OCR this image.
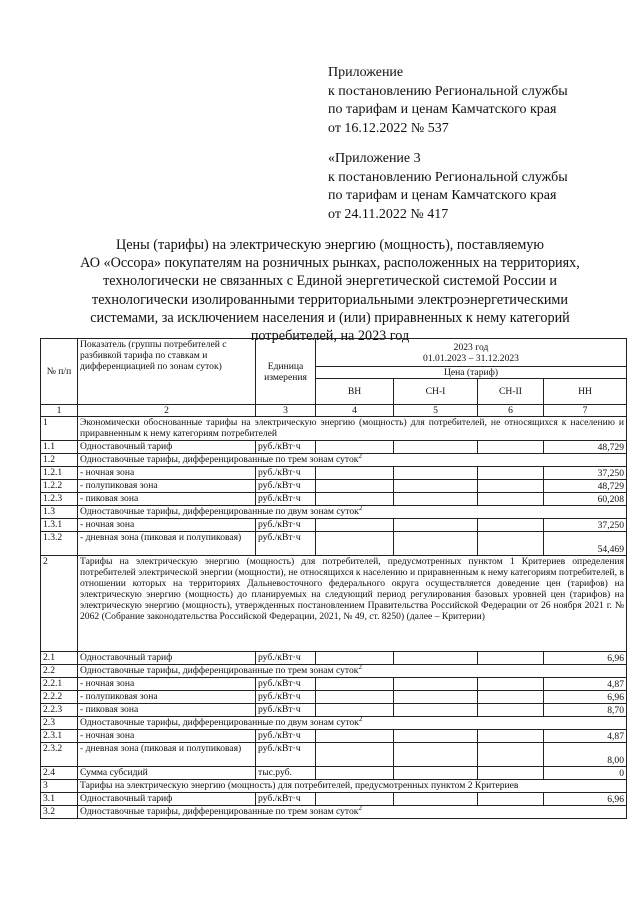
Приложение
к постановлению Региональной службы
по тарифам и ценам Камчатского края
от 16.12.2022 № 537
«Приложение 3
к постановлению Региональной службы
по тарифам и ценам Камчатского края
от 24.11.2022 № 417
Цены (тарифы) на электрическую энергию (мощность), поставляемую
АО «Оссора» покупателям на розничных рынках, расположенных на территориях,
технологически не связанных с Единой энергетической системой России и
технологически изолированными территориальными электроэнергетическими
системами, за исключением населения и (или) приравненных к нему категорий
потребителей, на 2023 год
№ п/п	Показатель (группы потребителей с разбивкой тарифа по ставкам и дифференциацией по зонам суток)	Единица измерения	2023 год
01.01.2023 – 31.12.2023			

			Цена (тариф)			
			ВН	СН-I	СН-II	НН
1	2	3	4	5	6	7
1	Экономически обоснованные тарифы на электрическую энергию (мощность) для потребителей, не относящихся к населению и приравненным к нему категориям потребителей					
1.1	Одноставочный тариф	руб./кВт·ч				48,729
1.2	Одноставочные тарифы, дифференцированные по трем зонам суток$^2$
1.2.1	- ночная зона	руб./кВт·ч				37,250
1.2.2	- полупиковая зона	руб./кВт·ч				48,729
1.2.3	- пиковая зона	руб./кВт·ч				60,208
1.3	Одноставочные тарифы, дифференцированные по двум зонам суток$^2$
1.3.1	- ночная зона	руб./кВт·ч				37,250
1.3.2	- дневная зона (пиковая и полупиковая)	руб./кВт·ч				54,469
2	Тарифы на электрическую энергию (мощность) для потребителей, предусмотренных пунктом 1 Критериев определения потребителей электрической энергии (мощности), не относящихся к населению и приравненным к нему категориям потребителей, в отношении которых на территориях Дальневосточного федерального округа осуществляется доведение цен (тарифов) на электрическую энергию (мощность) до планируемых на следующий период регулирования базовых уровней цен (тарифов) на электрическую энергию (мощность), утвержденных постановлением Правительства Российской Федерации от 26 ноября 2021 г. № 2062 (Собрание законодательства Российской Федерации, 2021, № 49, ст. 8250) (далее – Критерии)					
2.1	Одноставочный тариф	руб./кВт·ч				6,96
2.2	Одноставочные тарифы, дифференцированные по трем зонам суток$^2$
2.2.1	- ночная зона	руб./кВт·ч				4,87
2.2.2	- полупиковая зона	руб./кВт·ч				6,96
2.2.3	- пиковая зона	руб./кВт·ч				8,70
2.3	Одноставочные тарифы, дифференцированные по двум зонам суток$^2$
2.3.1	- ночная зона	руб./кВт·ч				4,87
2.3.2	- дневная зона (пиковая и полупиковая)	руб./кВт·ч				8,00
2.4	Сумма субсидий	тыс.руб.				0
3	Тарифы на электрическую энергию (мощность) для потребителей, предусмотренных пунктом 2 Критериев					
3.1	Одноставочный тариф	руб./кВт·ч				6,96
3.2	Одноставочные тарифы, дифференцированные по трем зонам суток$^2$
